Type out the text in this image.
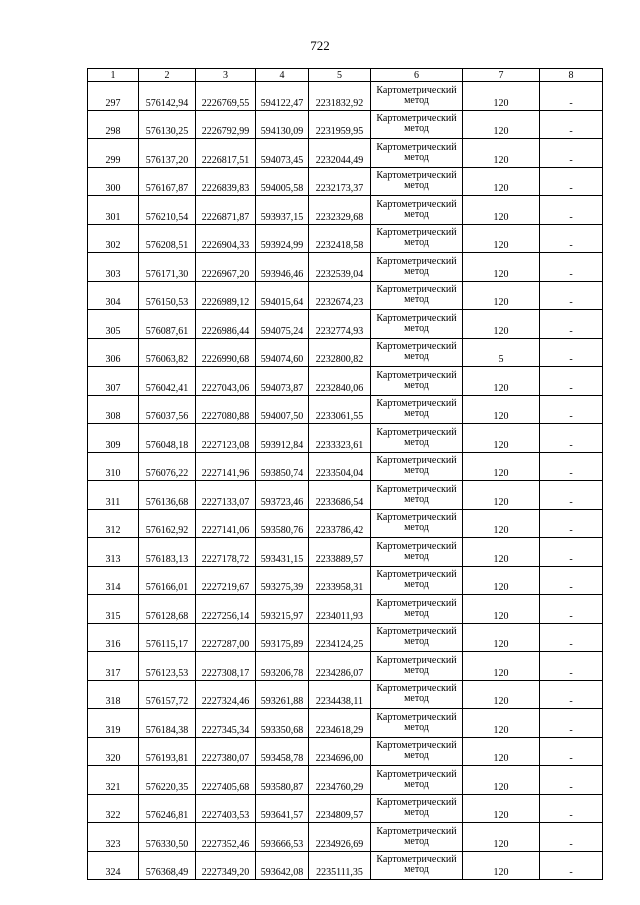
722
1	2	3	4	5	6	7	8
297	576142,94	2226769,55	594122,47	2231832,92	Картометрический метод	120	-
298	576130,25	2226792,99	594130,09	2231959,95	Картометрический метод	120	-
299	576137,20	2226817,51	594073,45	2232044,49	Картометрический метод	120	-
300	576167,87	2226839,83	594005,58	2232173,37	Картометрический метод	120	-
301	576210,54	2226871,87	593937,15	2232329,68	Картометрический метод	120	-
302	576208,51	2226904,33	593924,99	2232418,58	Картометрический метод	120	-
303	576171,30	2226967,20	593946,46	2232539,04	Картометрический метод	120	-
304	576150,53	2226989,12	594015,64	2232674,23	Картометрический метод	120	-
305	576087,61	2226986,44	594075,24	2232774,93	Картометрический метод	120	-
306	576063,82	2226990,68	594074,60	2232800,82	Картометрический метод	5	-
307	576042,41	2227043,06	594073,87	2232840,06	Картометрический метод	120	-
308	576037,56	2227080,88	594007,50	2233061,55	Картометрический метод	120	-
309	576048,18	2227123,08	593912,84	2233323,61	Картометрический метод	120	-
310	576076,22	2227141,96	593850,74	2233504,04	Картометрический метод	120	-
311	576136,68	2227133,07	593723,46	2233686,54	Картометрический метод	120	-
312	576162,92	2227141,06	593580,76	2233786,42	Картометрический метод	120	-
313	576183,13	2227178,72	593431,15	2233889,57	Картометрический метод	120	-
314	576166,01	2227219,67	593275,39	2233958,31	Картометрический метод	120	-
315	576128,68	2227256,14	593215,97	2234011,93	Картометрический метод	120	-
316	576115,17	2227287,00	593175,89	2234124,25	Картометрический метод	120	-
317	576123,53	2227308,17	593206,78	2234286,07	Картометрический метод	120	-
318	576157,72	2227324,46	593261,88	2234438,11	Картометрический метод	120	-
319	576184,38	2227345,34	593350,68	2234618,29	Картометрический метод	120	-
320	576193,81	2227380,07	593458,78	2234696,00	Картометрический метод	120	-
321	576220,35	2227405,68	593580,87	2234760,29	Картометрический метод	120	-
322	576246,81	2227403,53	593641,57	2234809,57	Картометрический метод	120	-
323	576330,50	2227352,46	593666,53	2234926,69	Картометрический метод	120	-
324	576368,49	2227349,20	593642,08	2235111,35	Картометрический метод	120	-
